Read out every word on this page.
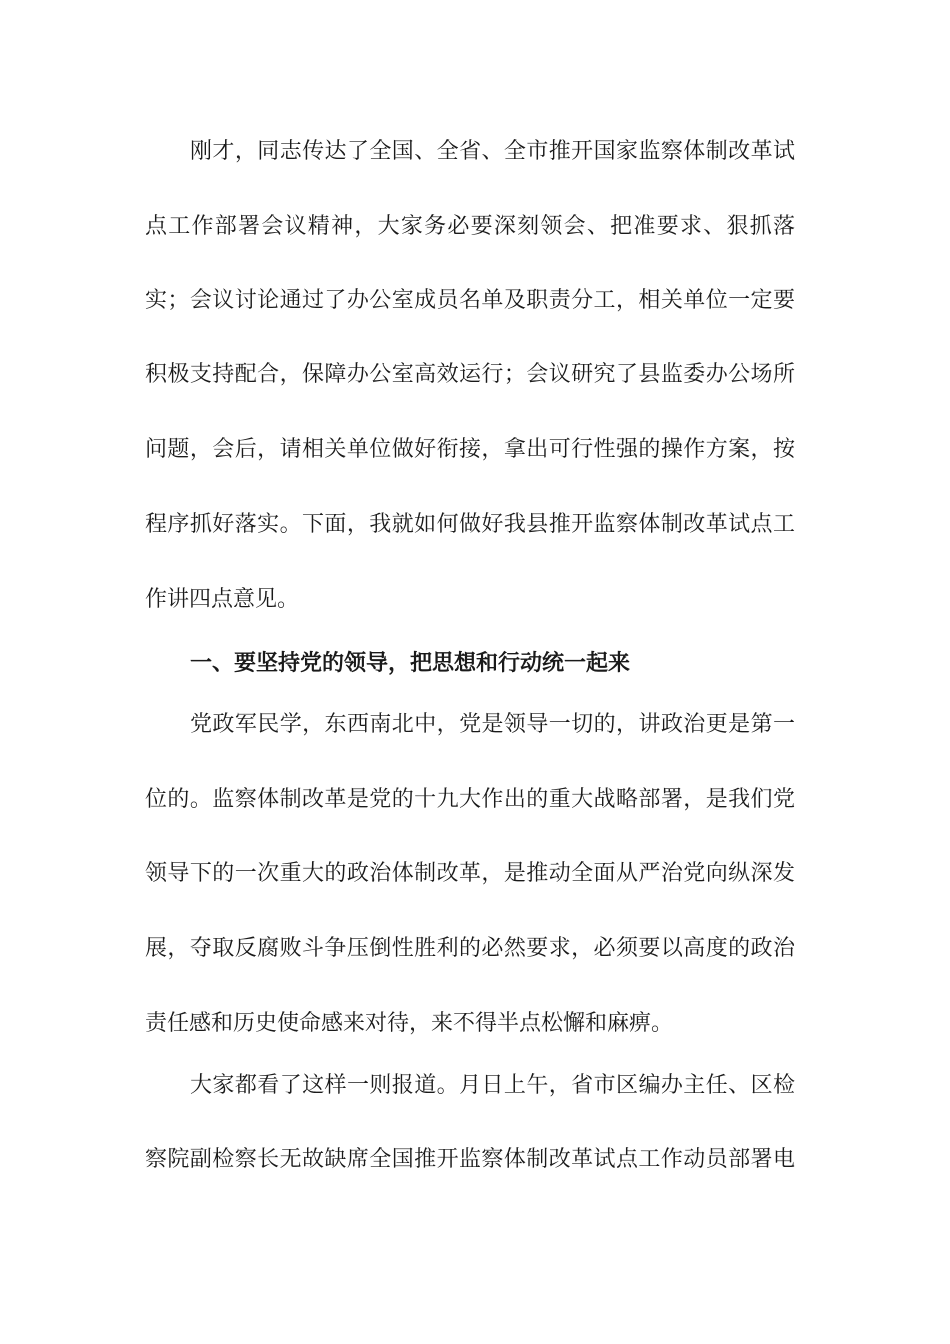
刚才，同志传达了全国、全省、全市推开国家监察体制改革试
点工作部署会议精神，大家务必要深刻领会、把准要求、狠抓落
实；会议讨论通过了办公室成员名单及职责分工，相关单位一定要
积极支持配合，保障办公室高效运行；会议研究了县监委办公场所
问题，会后，请相关单位做好衔接，拿出可行性强的操作方案，按
程序抓好落实。下面，我就如何做好我县推开监察体制改革试点工
作讲四点意见。
一、要坚持党的领导，把思想和行动统一起来
党政军民学，东西南北中，党是领导一切的，讲政治更是第一
位的。监察体制改革是党的十九大作出的重大战略部署，是我们党
领导下的一次重大的政治体制改革，是推动全面从严治党向纵深发
展，夺取反腐败斗争压倒性胜利的必然要求，必须要以高度的政治
责任感和历史使命感来对待，来不得半点松懈和麻痹。
大家都看了这样一则报道。月日上午，省市区编办主任、区检
察院副检察长无故缺席全国推开监察体制改革试点工作动员部署电
